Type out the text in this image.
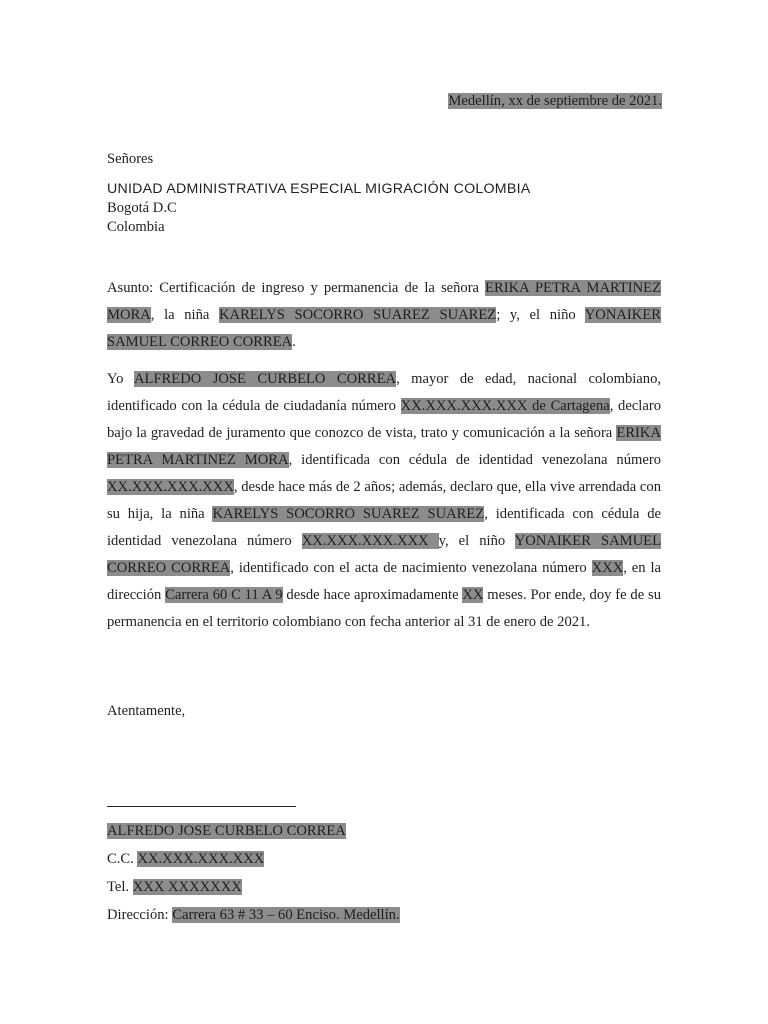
Medellín, xx de septiembre de 2021.
Señores
UNIDAD ADMINISTRATIVA ESPECIAL MIGRACIÓN COLOMBIA
Bogotá D.C
Colombia
Asunto: Certificación de ingreso y permanencia de la señora ERIKA PETRA MARTINEZ MORA, la niña KARELYS SOCORRO SUAREZ SUAREZ; y, el niño YONAIKER SAMUEL CORREO CORREA.
Yo ALFREDO JOSE CURBELO CORREA, mayor de edad, nacional colombiano, identificado con la cédula de ciudadanía número XX.XXX.XXX.XXX de Cartagena, declaro bajo la gravedad de juramento que conozco de vista, trato y comunicación a la señora ERIKA PETRA MARTINEZ MORA, identificada con cédula de identidad venezolana número XX.XXX.XXX.XXX, desde hace más de 2 años; además, declaro que, ella vive arrendada con su hija, la niña KARELYS SOCORRO SUAREZ SUAREZ, identificada con cédula de identidad venezolana número XX.XXX.XXX.XXX y, el niño YONAIKER SAMUEL CORREO CORREA, identificado con el acta de nacimiento venezolana número XXX, en la dirección Carrera 60 C 11 A 9 desde hace aproximadamente XX meses. Por ende, doy fe de su permanencia en el territorio colombiano con fecha anterior al 31 de enero de 2021.
Atentamente,
ALFREDO JOSE CURBELO CORREA
C.C. XX.XXX.XXX.XXX
Tel. XXX XXXXXXX
Dirección: Carrera 63 # 33 – 60 Enciso. Medellín.
